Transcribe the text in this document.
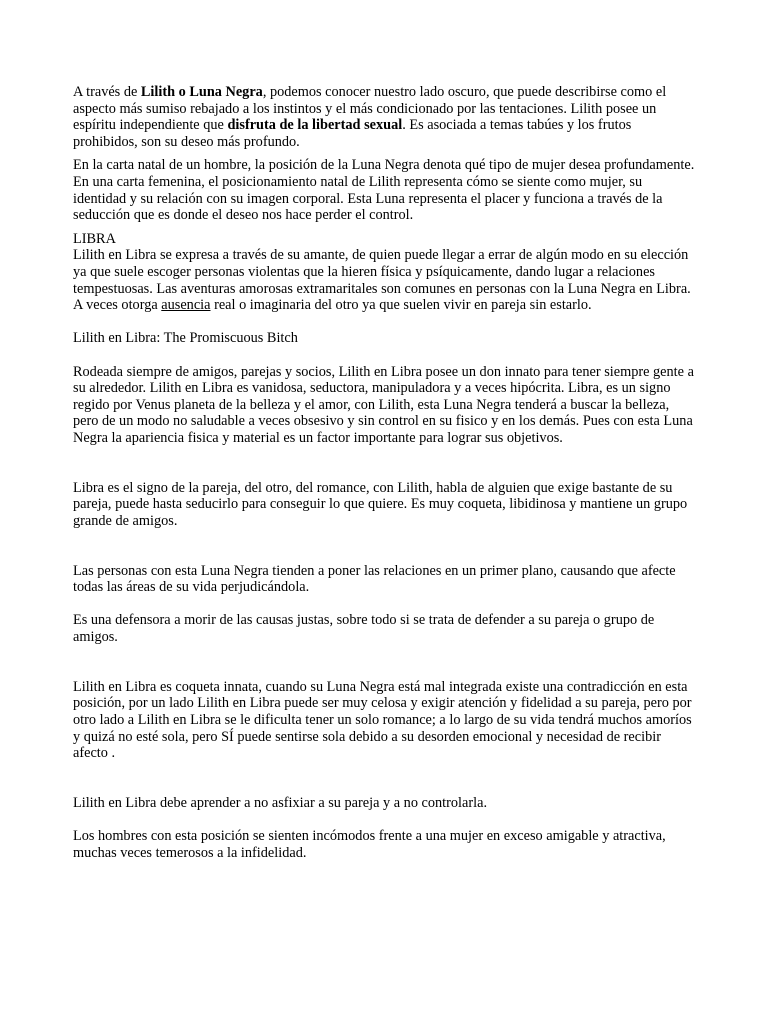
A través de Lilith o Luna Negra, podemos conocer nuestro lado oscuro, que puede describirse como el aspecto más sumiso rebajado a los instintos y el más condicionado por las tentaciones. Lilith posee un espíritu independiente que disfruta de la libertad sexual. Es asociada a temas tabúes y los frutos prohibidos, son su deseo más profundo.

En la carta natal de un hombre, la posición de la Luna Negra denota qué tipo de mujer desea profundamente. En una carta femenina, el posicionamiento natal de Lilith representa cómo se siente como mujer, su identidad y su relación con su imagen corporal. Esta Luna representa el placer y funciona a través de la seducción que es donde el deseo nos hace perder el control.

LIBRA

Lilith en Libra se expresa a través de su amante, de quien puede llegar a errar de algún modo en su elección ya que suele escoger personas violentas que la hieren física y psíquicamente, dando lugar a relaciones tempestuosas. Las aventuras amorosas extramaritales son comunes en personas con la Luna Negra en Libra. A veces otorga ausencia real o imaginaria del otro ya que suelen vivir en pareja sin estarlo.

Lilith en Libra: The Promiscuous Bitch

Rodeada siempre de amigos, parejas y socios, Lilith en Libra posee un don innato para tener siempre gente a su alrededor. Lilith en Libra es vanidosa, seductora, manipuladora y a veces hipócrita. Libra, es un signo regido por Venus planeta de la belleza y el amor, con Lilith, esta Luna Negra tenderá a buscar la belleza, pero de un modo no saludable a veces obsesivo y sin control en su fisico y en los demás. Pues con esta Luna Negra la apariencia fisica y material es un factor importante para lograr sus objetivos.

Libra es el signo de la pareja, del otro, del romance, con Lilith, habla de alguien que exige bastante de su pareja, puede hasta seducirlo para conseguir lo que quiere. Es muy coqueta, libidinosa y mantiene un grupo grande de amigos.

Las personas con esta Luna Negra tienden a poner las relaciones en un primer plano, causando que afecte todas las áreas de su vida perjudicándola.

Es una defensora a morir de las causas justas, sobre todo si se trata de defender a su pareja o grupo de amigos.

Lilith en Libra es coqueta innata, cuando su Luna Negra está mal integrada existe una contradicción en esta posición, por un lado Lilith en Libra puede ser muy celosa y exigir atención y fidelidad a su pareja, pero por otro lado a Lilith en Libra se le dificulta tener un solo romance; a lo largo de su vida tendrá muchos amoríos y quizá no esté sola, pero SÍ puede sentirse sola debido a su desorden emocional y necesidad de recibir afecto .

Lilith en Libra debe aprender a no asfixiar a su pareja y a no controlarla.

Los hombres con esta posición se sienten incómodos frente a una mujer en exceso amigable y atractiva, muchas veces temerosos a la infidelidad.
